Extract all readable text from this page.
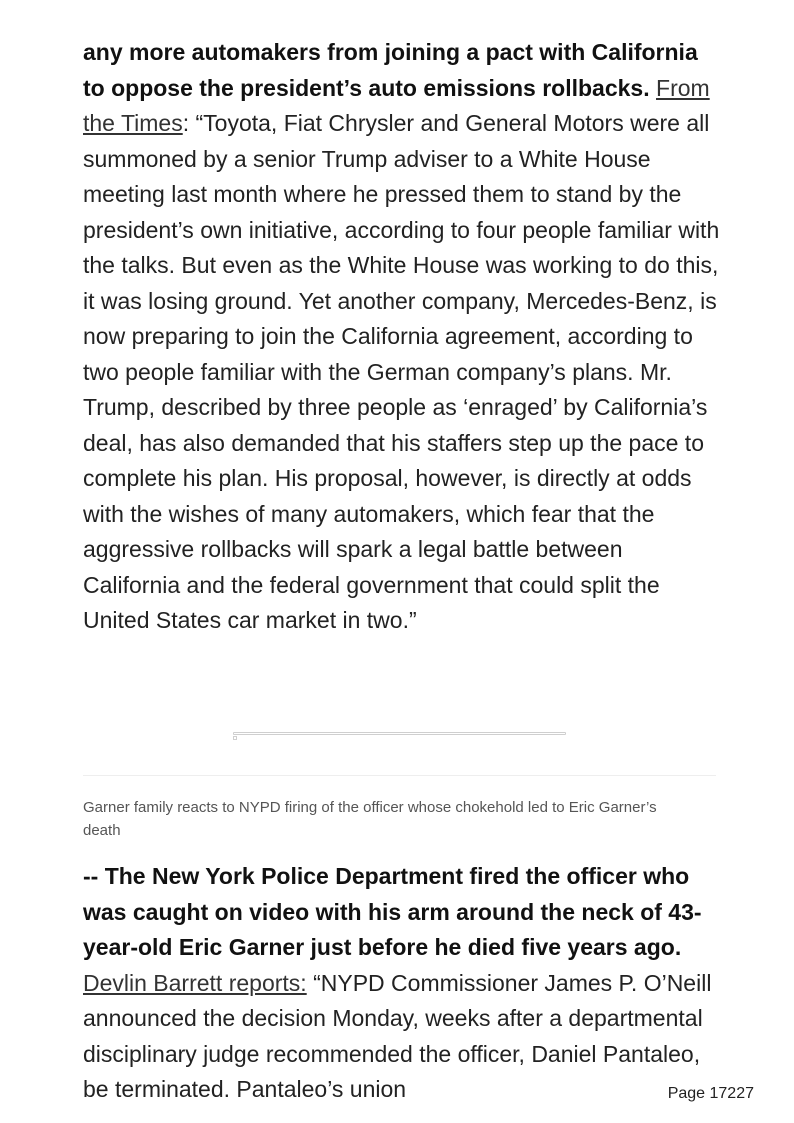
any more automakers from joining a pact with California to oppose the president’s auto emissions rollbacks. From the Times: “Toyota, Fiat Chrysler and General Motors were all summoned by a senior Trump adviser to a White House meeting last month where he pressed them to stand by the president’s own initiative, according to four people familiar with the talks. But even as the White House was working to do this, it was losing ground. Yet another company, Mercedes-Benz, is now preparing to join the California agreement, according to two people familiar with the German company’s plans. Mr. Trump, described by three people as ‘enraged’ by California’s deal, has also demanded that his staffers step up the pace to complete his plan. His proposal, however, is directly at odds with the wishes of many automakers, which fear that the aggressive rollbacks will spark a legal battle between California and the federal government that could split the United States car market in two.”

Garner family reacts to NYPD firing of the officer whose chokehold led to Eric Garner’s death

-- The New York Police Department fired the officer who was caught on video with his arm around the neck of 43-year-old Eric Garner just before he died five years ago. Devlin Barrett reports: “NYPD Commissioner James P. O’Neill announced the decision Monday, weeks after a departmental disciplinary judge recommended the officer, Daniel Pantaleo, be terminated. Pantaleo’s union	Page 17227
